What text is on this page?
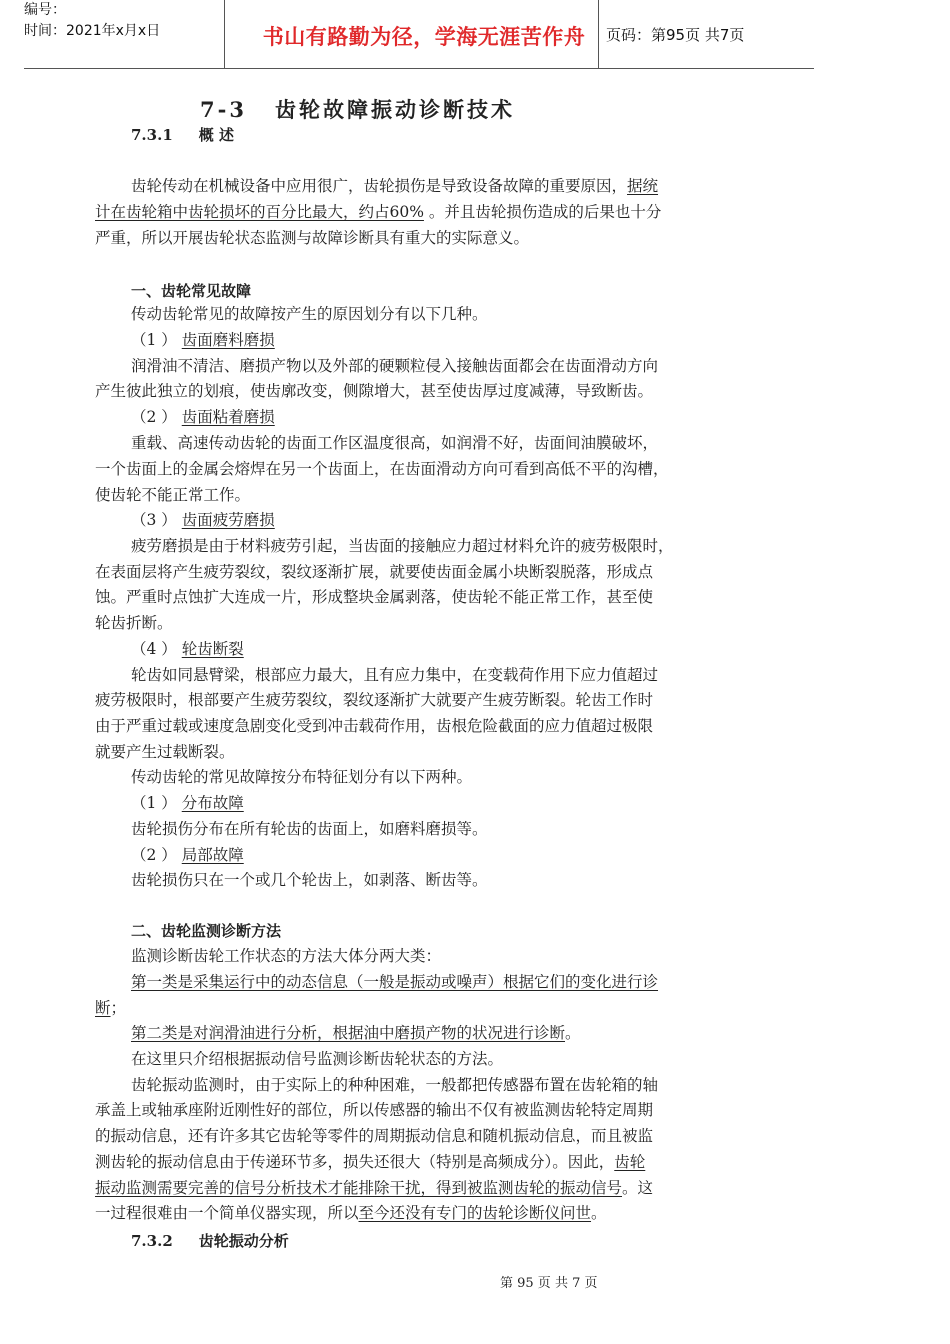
编号：
时间：2021年x月x日	书山有路勤为径，学海无涯苦作舟	页码：第95页 共7页
7-3 齿轮故障振动诊断技术
7.3.1 概 述
齿轮传动在机械设备中应用很广，齿轮损伤是导致设备故障的重要原因，据统
计在齿轮箱中齿轮损坏的百分比最大，约占60% 。并且齿轮损伤造成的后果也十分
严重，所以开展齿轮状态监测与故障诊断具有重大的实际意义。
一、齿轮常见故障
传动齿轮常见的故障按产生的原因划分有以下几种。
（1 ） 齿面磨料磨损
润滑油不清洁、磨损产物以及外部的硬颗粒侵入接触齿面都会在齿面滑动方向
产生彼此独立的划痕，使齿廓改变，侧隙增大，甚至使齿厚过度减薄，导致断齿。
（2 ） 齿面粘着磨损
重载、高速传动齿轮的齿面工作区温度很高，如润滑不好，齿面间油膜破坏，
一个齿面上的金属会熔焊在另一个齿面上，在齿面滑动方向可看到高低不平的沟槽，
使齿轮不能正常工作。
（3 ） 齿面疲劳磨损
疲劳磨损是由于材料疲劳引起，当齿面的接触应力超过材料允许的疲劳极限时，
在表面层将产生疲劳裂纹，裂纹逐渐扩展，就要使齿面金属小块断裂脱落，形成点
蚀。严重时点蚀扩大连成一片，形成整块金属剥落，使齿轮不能正常工作，甚至使
轮齿折断。
（4 ） 轮齿断裂
轮齿如同悬臂梁，根部应力最大，且有应力集中，在变载荷作用下应力值超过
疲劳极限时，根部要产生疲劳裂纹，裂纹逐渐扩大就要产生疲劳断裂。轮齿工作时
由于严重过载或速度急剧变化受到冲击载荷作用，齿根危险截面的应力值超过极限
就要产生过载断裂。
传动齿轮的常见故障按分布特征划分有以下两种。
（1 ） 分布故障
齿轮损伤分布在所有轮齿的齿面上，如磨料磨损等。
（2 ） 局部故障
齿轮损伤只在一个或几个轮齿上，如剥落、断齿等。
二、齿轮监测诊断方法
监测诊断齿轮工作状态的方法大体分两大类：
第一类是采集运行中的动态信息（一般是振动或噪声）根据它们的变化进行诊
断；
第二类是对润滑油进行分析，根据油中磨损产物的状况进行诊断。
在这里只介绍根据振动信号监测诊断齿轮状态的方法。
齿轮振动监测时，由于实际上的种种困难，一般都把传感器布置在齿轮箱的轴
承盖上或轴承座附近刚性好的部位，所以传感器的输出不仅有被监测齿轮特定周期
的振动信息，还有许多其它齿轮等零件的周期振动信息和随机振动信息，而且被监
测齿轮的振动信息由于传递环节多，损失还很大（特别是高频成分）。因此，齿轮
振动监测需要完善的信号分析技术才能排除干扰，得到被监测齿轮的振动信号。这
一过程很难由一个简单仪器实现，所以至今还没有专门的齿轮诊断仪问世。
7.3.2 齿轮振动分析
第 95 页 共 7 页
